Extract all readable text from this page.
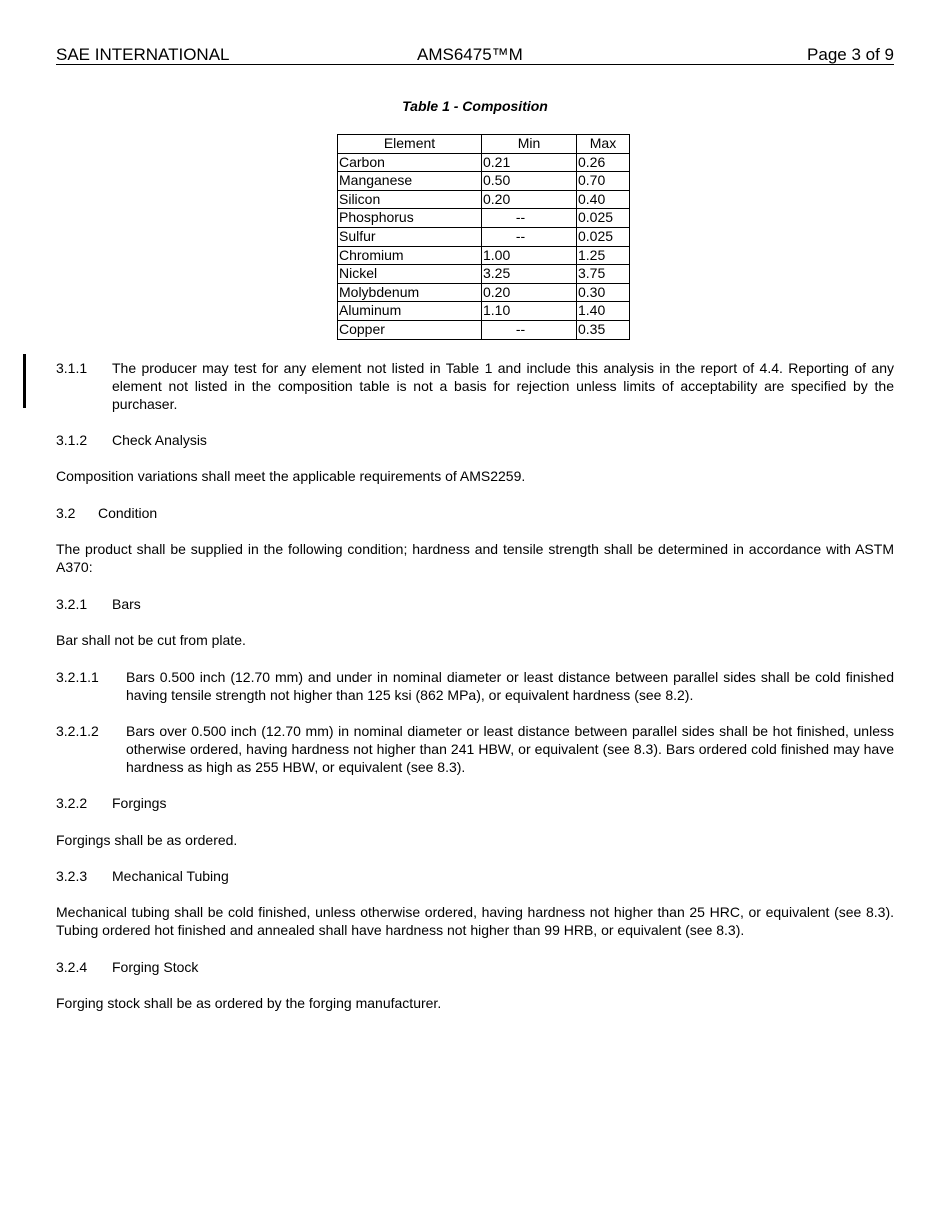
SAE INTERNATIONAL	AMS6475™M	Page 3 of 9
Table 1 - Composition
Element	Min	Max
Carbon	0.21	0.26
Manganese	0.50	0.70
Silicon	0.20	0.40
Phosphorus	--	0.025
Sulfur	--	0.025
Chromium	1.00	1.25
Nickel	3.25	3.75
Molybdenum	0.20	0.30
Aluminum	1.10	1.40
Copper	--	0.35
3.1.1 The producer may test for any element not listed in Table 1 and include this analysis in the report of 4.4. Reporting of any element not listed in the composition table is not a basis for rejection unless limits of acceptability are specified by the purchaser.
3.1.2 Check Analysis
Composition variations shall meet the applicable requirements of AMS2259.
3.2 Condition
The product shall be supplied in the following condition; hardness and tensile strength shall be determined in accordance with ASTM A370:
3.2.1 Bars
Bar shall not be cut from plate.
3.2.1.1 Bars 0.500 inch (12.70 mm) and under in nominal diameter or least distance between parallel sides shall be cold finished having tensile strength not higher than 125 ksi (862 MPa), or equivalent hardness (see 8.2).
3.2.1.2 Bars over 0.500 inch (12.70 mm) in nominal diameter or least distance between parallel sides shall be hot finished, unless otherwise ordered, having hardness not higher than 241 HBW, or equivalent (see 8.3). Bars ordered cold finished may have hardness as high as 255 HBW, or equivalent (see 8.3).
3.2.2 Forgings
Forgings shall be as ordered.
3.2.3 Mechanical Tubing
Mechanical tubing shall be cold finished, unless otherwise ordered, having hardness not higher than 25 HRC, or equivalent (see 8.3). Tubing ordered hot finished and annealed shall have hardness not higher than 99 HRB, or equivalent (see 8.3).
3.2.4 Forging Stock
Forging stock shall be as ordered by the forging manufacturer.
